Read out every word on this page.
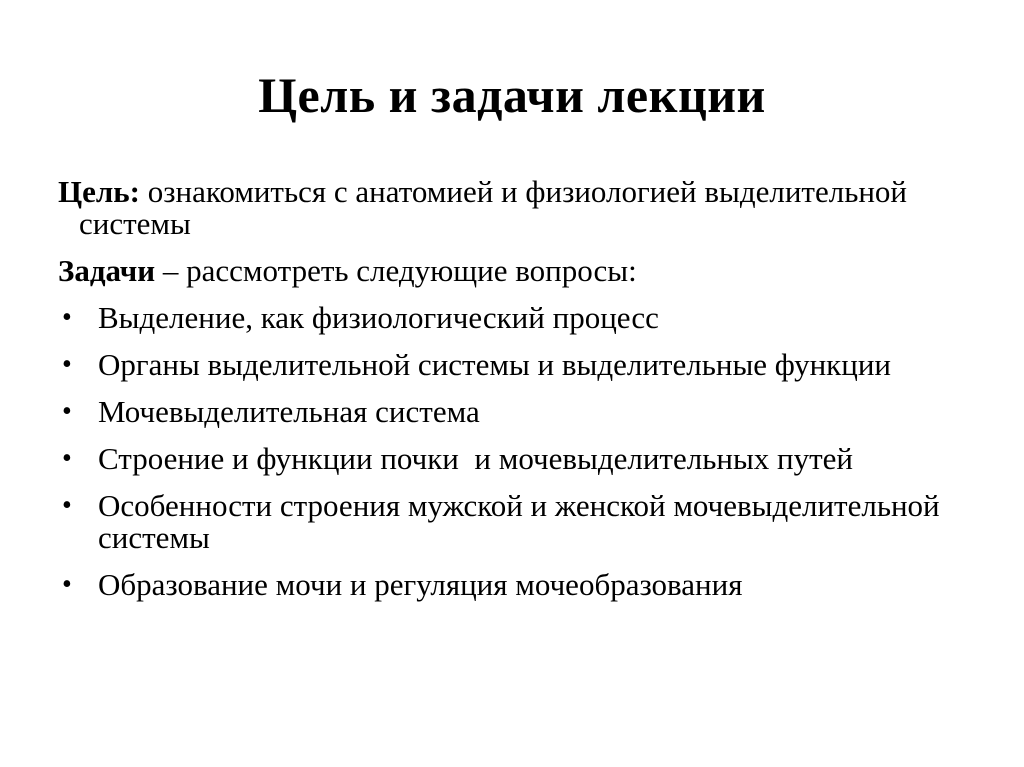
Цель и задачи лекции

Цель: ознакомиться с анатомией и физиологией выделительной системы

Задачи – рассмотреть следующие вопросы:

• Выделение, как физиологический процесс
• Органы выделительной системы и выделительные функции
• Мочевыделительная система
• Строение и функции почки  и мочевыделительных путей
• Особенности строения мужской и женской мочевыделительной системы
• Образование мочи и регуляция мочеобразования
